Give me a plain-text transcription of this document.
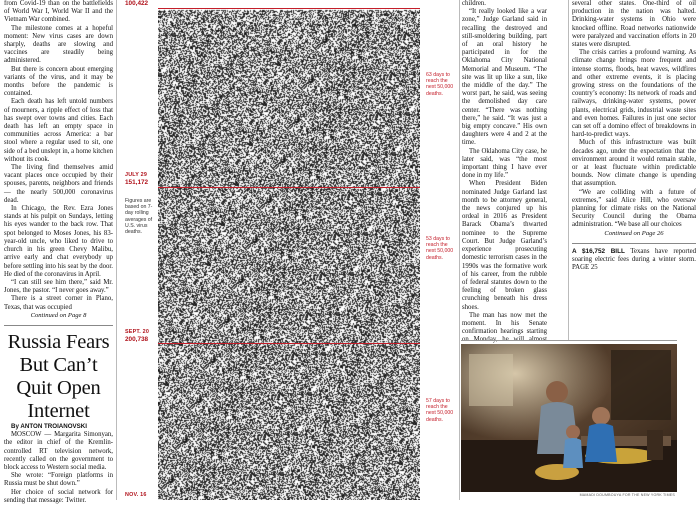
from Covid-19 than on the battlefields of World War I, World War II and the Vietnam War combined.

The milestone comes at a hopeful moment: New virus cases are down sharply, deaths are slowing and vaccines are steadily being administered.

But there is concern about emerging variants of the virus, and it may be months before the pandemic is contained.

Each death has left untold numbers of mourners, a ripple effect of loss that has swept over towns and cities. Each death has left an empty space in communities across America: a bar stool where a regular used to sit, one side of a bed unslept in, a home kitchen without its cook.

The living find themselves amid vacant places once occupied by their spouses, parents, neighbors and friends — the nearly 500,000 coronavirus dead.

In Chicago, the Rev. Ezra Jones stands at his pulpit on Sundays, letting his eyes wander to the back row. That spot belonged to Moses Jones, his 83-year-old uncle, who liked to drive to church in his green Chevy Malibu, arrive early and chat everybody up before settling into his seat by the door. He died of the coronavirus in April.

“I can still see him there,” said Mr. Jones, the pastor. “I never goes away.”

There is a street corner in Plano, Texas, that was occupied

Continued on Page 8

Russia Fears But Can’t Quit Open Internet

By ANTON TROIANOVSKI

MOSCOW — Margarita Simonyan, the editor in chief of the Kremlin-controlled RT television network, recently called on the government to block access to Western social media.

She wrote: “Foreign platforms in Russia must be shut down.”

Her choice of social network for sending that message: Twitter.

100,422
63 days to reach the next 50,000 deaths.
JULY 29
151,172
Figures are based on 7-day rolling averages of U.S. virus deaths.
53 days to reach the next 50,000 deaths.
SEPT. 20
200,738
57 days to reach the next 50,000 deaths.
NOV. 16

children.

“It really looked like a war zone,” Judge Garland said in recalling the destroyed and still-smoldering building, part of an oral history he participated in for the Oklahoma City National Memorial and Museum. “The site was lit up like a sun, like the middle of the day.” The worst part, he said, was seeing the demolished day care center. “There was nothing there,” he said. “It was just a big empty concave.” His own daughters were 4 and 2 at the time.

The Oklahoma City case, he later said, was “the most important thing I have ever done in my life.”

When President Biden nominated Judge Garland last month to be attorney general, the news conjured up his ordeal in 2016 as President Barack Obama’s thwarted nominee to the Supreme Court. But Judge Garland’s experience prosecuting domestic terrorism cases in the 1990s was the formative work of his career, from the rubble of federal statutes down to the feeling of broken glass crunching beneath his dress shoes.

The man has now met the moment. In his Senate confirmation hearings starting on Monday, he will almost

several other states. One-third of oil production in the nation was halted. Drinking-water systems in Ohio were knocked offline. Road networks nationwide were paralyzed and vaccination efforts in 20 states were disrupted.

The crisis carries a profound warning. As climate change brings more frequent and intense storms, floods, heat waves, wildfires and other extreme events, it is placing growing stress on the foundations of the country’s economy: Its network of roads and railways, drinking-water systems, power plants, electrical grids, industrial waste sites and even homes. Failures in just one sector can set off a domino effect of breakdowns in hard-to-predict ways.

Much of this infrastructure was built decades ago, under the expectation that the environment around it would remain stable, or at least fluctuate within predictable bounds. Now climate change is upending that assumption.

“We are colliding with a future of extremes,” said Alice Hill, who oversaw planning for climate risks on the National Security Council during the Obama administration. “We base all our choices

Continued on Page 26

A $16,752 BILL Texans have reported soaring electric fees during a winter storm. PAGE 25

MAMADI DOUMBOUYA FOR THE NEW YORK TIMES
